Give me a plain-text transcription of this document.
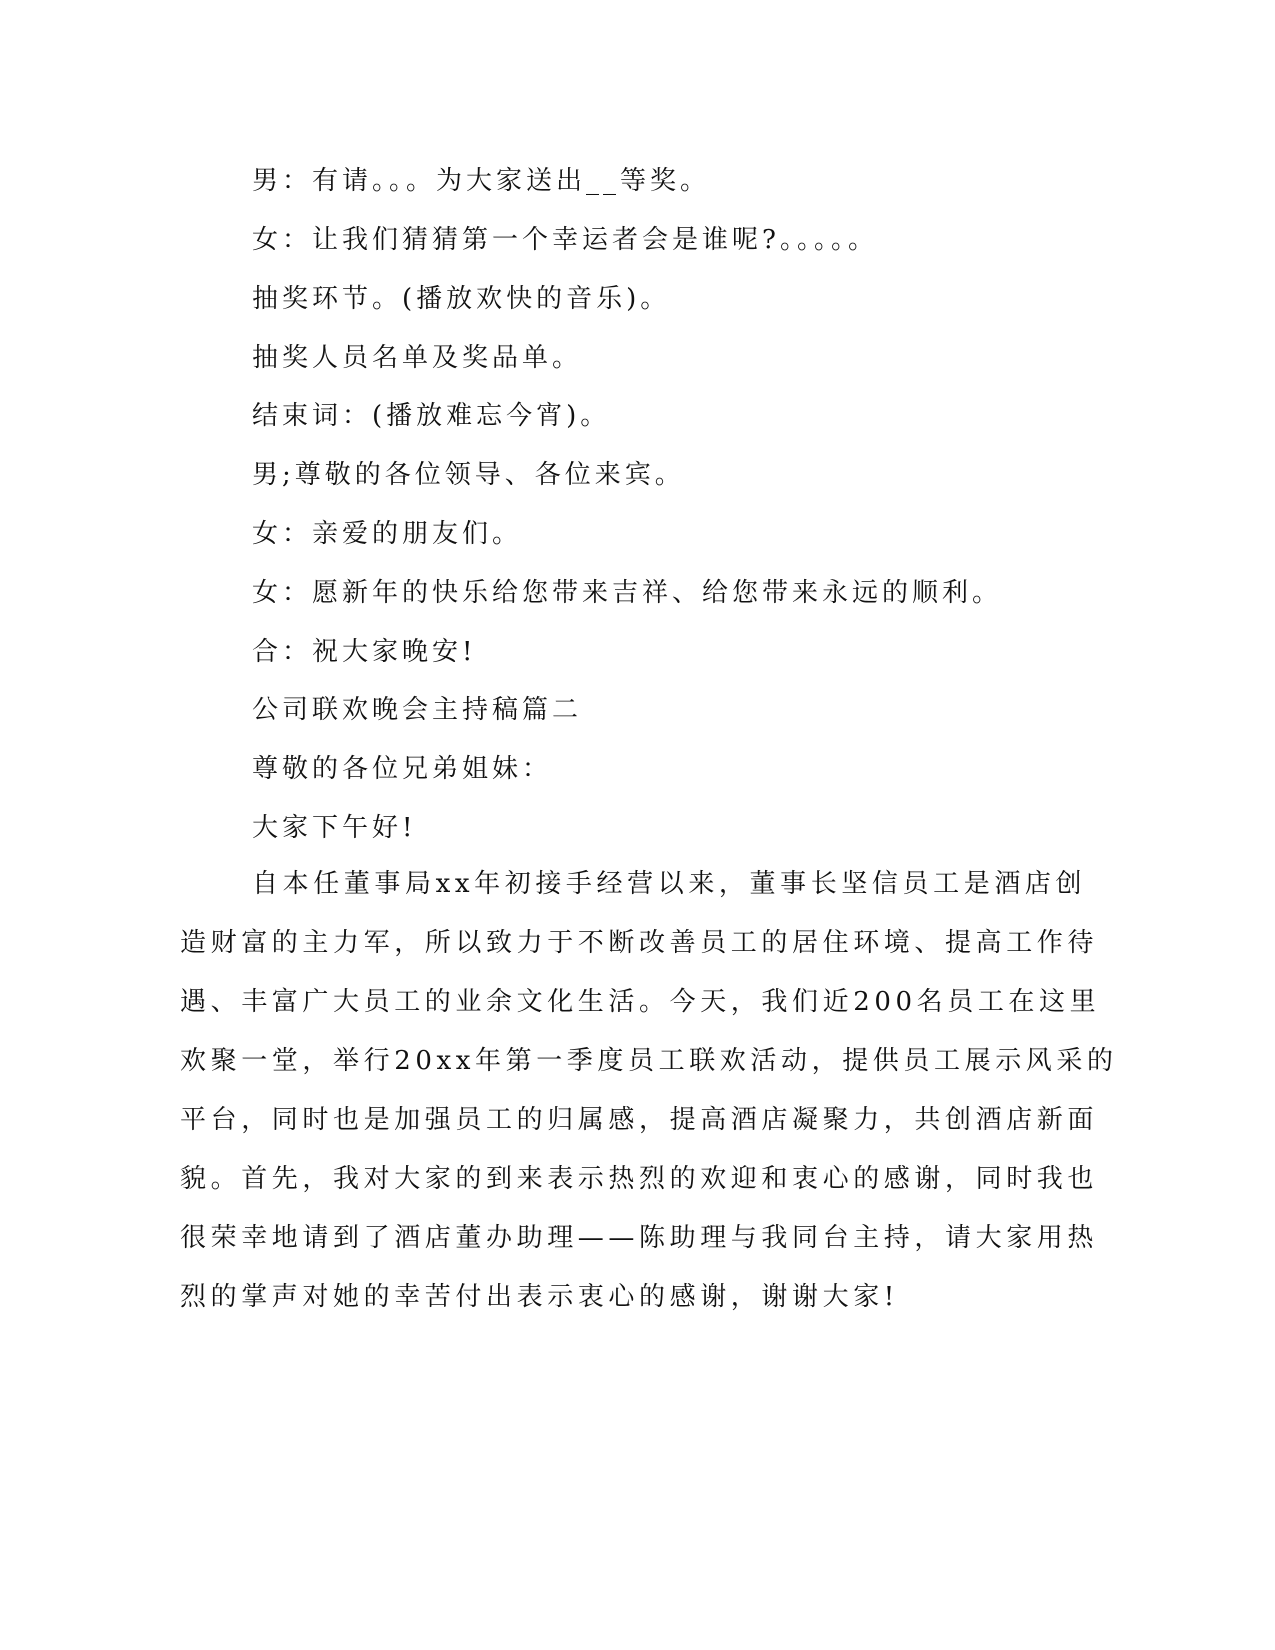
男：有请。。。为大家送出__等奖。

女：让我们猜猜第一个幸运者会是谁呢?。。。。。

抽奖环节。(播放欢快的音乐)。

抽奖人员名单及奖品单。

结束词：(播放难忘今宵)。

男;尊敬的各位领导、各位来宾。

女：亲爱的朋友们。

女：愿新年的快乐给您带来吉祥、给您带来永远的顺利。

合：祝大家晚安!

公司联欢晚会主持稿篇二

尊敬的各位兄弟姐妹：

大家下午好!

自本任董事局xx年初接手经营以来，董事长坚信员工是酒店创
造财富的主力军，所以致力于不断改善员工的居住环境、提高工作待
遇、丰富广大员工的业余文化生活。今天，我们近200名员工在这里
欢聚一堂，举行20xx年第一季度员工联欢活动，提供员工展示风采的
平台，同时也是加强员工的归属感，提高酒店凝聚力，共创酒店新面
貌。首先，我对大家的到来表示热烈的欢迎和衷心的感谢，同时我也
很荣幸地请到了酒店董办助理——陈助理与我同台主持，请大家用热
烈的掌声对她的幸苦付出表示衷心的感谢，谢谢大家!
